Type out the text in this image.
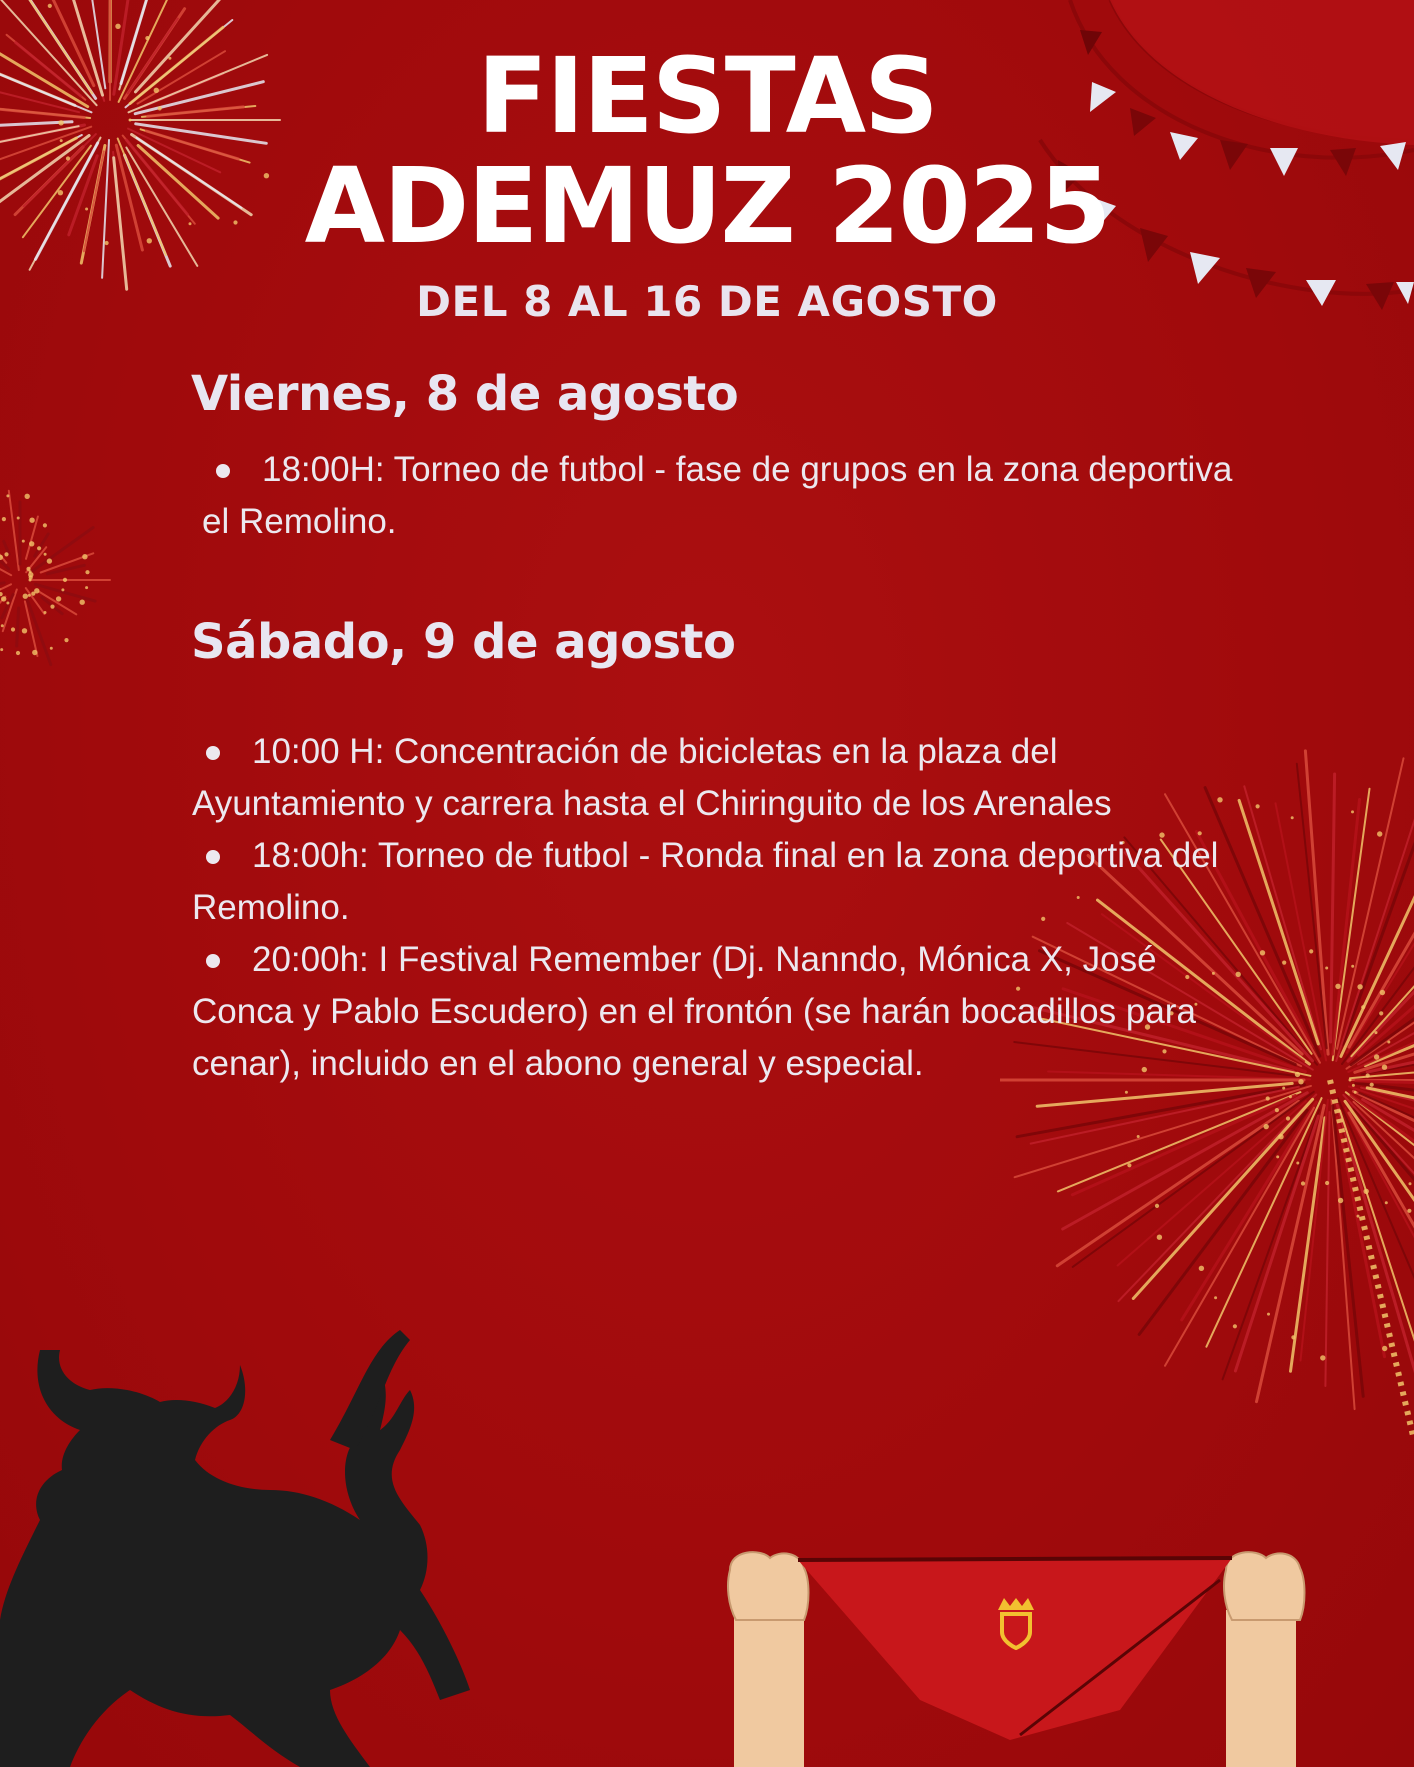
FIESTAS
ADEMUZ 2025
DEL 8 AL 16 DE AGOSTO
Viernes, 8 de agosto
18:00H: Torneo de futbol - fase de grupos en la zona deportiva el Remolino.
Sábado, 9 de agosto
10:00 H: Concentración de bicicletas en la plaza del Ayuntamiento y carrera hasta el Chiringuito de los Arenales
18:00h: Torneo de futbol - Ronda final en la zona deportiva del Remolino.
20:00h: I Festival Remember (Dj. Nanndo, Mónica X, José Conca y Pablo Escudero) en el frontón (se harán bocadillos para cenar), incluido en el abono general y especial.
